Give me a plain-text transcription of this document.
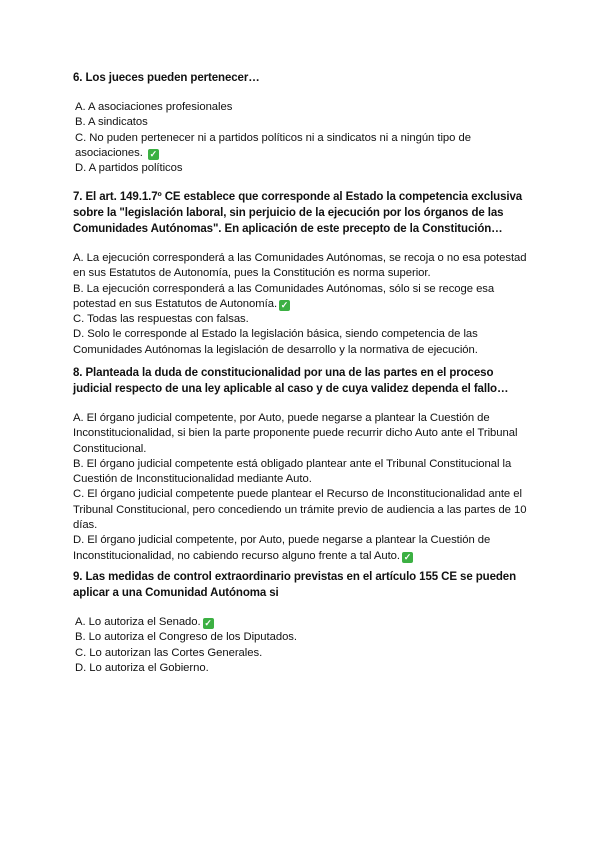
6. Los jueces pueden pertenecer…

A. A asociaciones profesionales

B. A sindicatos

C. No puden pertenecer ni a partidos políticos ni a sindicatos ni a ningún tipo de asociaciones. ✓

D. A partidos políticos

7. El art. 149.1.7º CE establece que corresponde al Estado la competencia exclusiva sobre la "legislación laboral, sin perjuicio de la ejecución por los órganos de las Comunidades Autónomas". En aplicación de este precepto de la Constitución…

A. La ejecución corresponderá a las Comunidades Autónomas, se recoja o no esa potestad en sus Estatutos de Autonomía, pues la Constitución es norma superior.

B. La ejecución corresponderá a las Comunidades Autónomas, sólo si se recoge esa potestad en sus Estatutos de Autonomía. ✓

C. Todas las respuestas con falsas.

D. Solo le corresponde al Estado la legislación básica, siendo competencia de las Comunidades Autónomas la legislación de desarrollo y la normativa de ejecución.

8. Planteada la duda de constitucionalidad por una de las partes en el proceso judicial respecto de una ley aplicable al caso y de cuya validez dependa el fallo…

A. El órgano judicial competente, por Auto, puede negarse a plantear la Cuestión de Inconstitucionalidad, si bien la parte proponente puede recurrir dicho Auto ante el Tribunal Constitucional.

B. El órgano judicial competente está obligado plantear ante el Tribunal Constitucional la Cuestión de Inconstitucionalidad mediante Auto.

C. El órgano judicial competente puede plantear el Recurso de Inconstitucionalidad ante el Tribunal Constitucional, pero concediendo un trámite previo de audiencia a las partes de 10 días.

D. El órgano judicial competente, por Auto, puede negarse a plantear la Cuestión de Inconstitucionalidad, no cabiendo recurso alguno frente a tal Auto. ✓

9. Las medidas de control extraordinario previstas en el artículo 155 CE se pueden aplicar a una Comunidad Autónoma si

A. Lo autoriza el Senado. ✓

B. Lo autoriza el Congreso de los Diputados.

C. Lo autorizan las Cortes Generales.

D. Lo autoriza el Gobierno.
